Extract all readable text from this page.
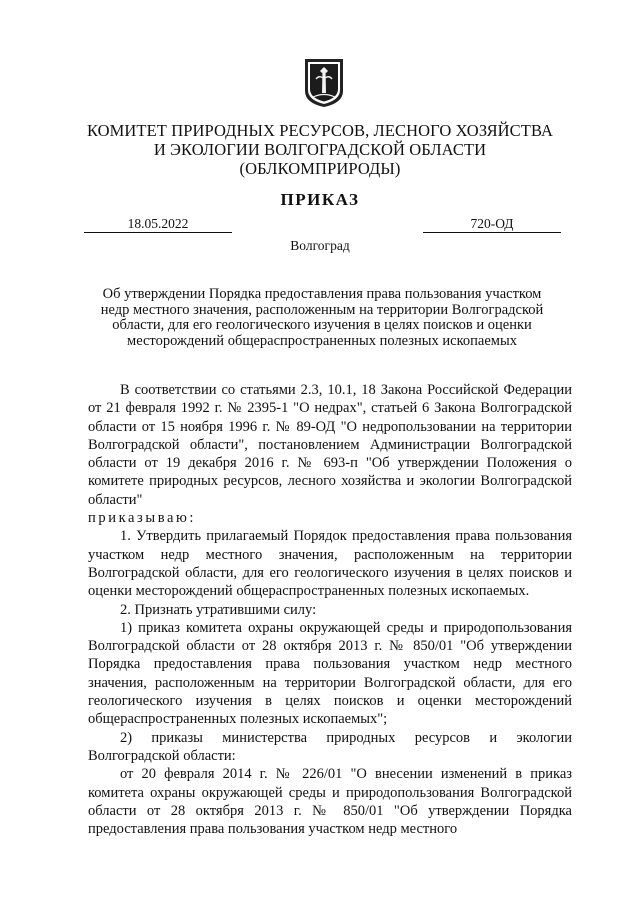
КОМИТЕТ ПРИРОДНЫХ РЕСУРСОВ, ЛЕСНОГО ХОЗЯЙСТВА
И ЭКОЛОГИИ ВОЛГОГРАДСКОЙ ОБЛАСТИ
(ОБЛКОМПРИРОДЫ)
ПРИКАЗ
18.05.2022	720-ОД
Волгоград
Об утверждении Порядка предоставления права пользования участком
недр местного значения, расположенным на территории Волгоградской
области, для его геологического изучения в целях поисков и оценки
месторождений общераспространенных полезных ископаемых

В соответствии со статьями 2.3, 10.1, 18 Закона Российской Федерации от 21 февраля 1992 г. № 2395-1 "О недрах", статьей 6 Закона Волгоградской области от 15 ноября 1996 г. № 89-ОД "О недропользовании на территории Волгоградской области", постановлением Администрации Волгоградской области от 19 декабря 2016 г. № 693-п "Об утверждении Положения о комитете природных ресурсов, лесного хозяйства и экологии Волгоградской области"

приказываю:

1. Утвердить прилагаемый Порядок предоставления права пользования участком недр местного значения, расположенным на территории Волгоградской области, для его геологического изучения в целях поисков и оценки месторождений общераспространенных полезных ископаемых.

2. Признать утратившими силу:

1) приказ комитета охраны окружающей среды и природопользования Волгоградской области от 28 октября 2013 г. № 850/01 "Об утверждении Порядка предоставления права пользования участком недр местного значения, расположенным на территории Волгоградской области, для его геологического изучения в целях поисков и оценки месторождений общераспространенных полезных ископаемых";

2) приказы министерства природных ресурсов и экологии Волгоградской области:

от 20 февраля 2014 г. № 226/01 "О внесении изменений в приказ комитета охраны окружающей среды и природопользования Волгоградской области от 28 октября 2013 г. № 850/01 "Об утверждении Порядка предоставления права пользования участком недр местного
